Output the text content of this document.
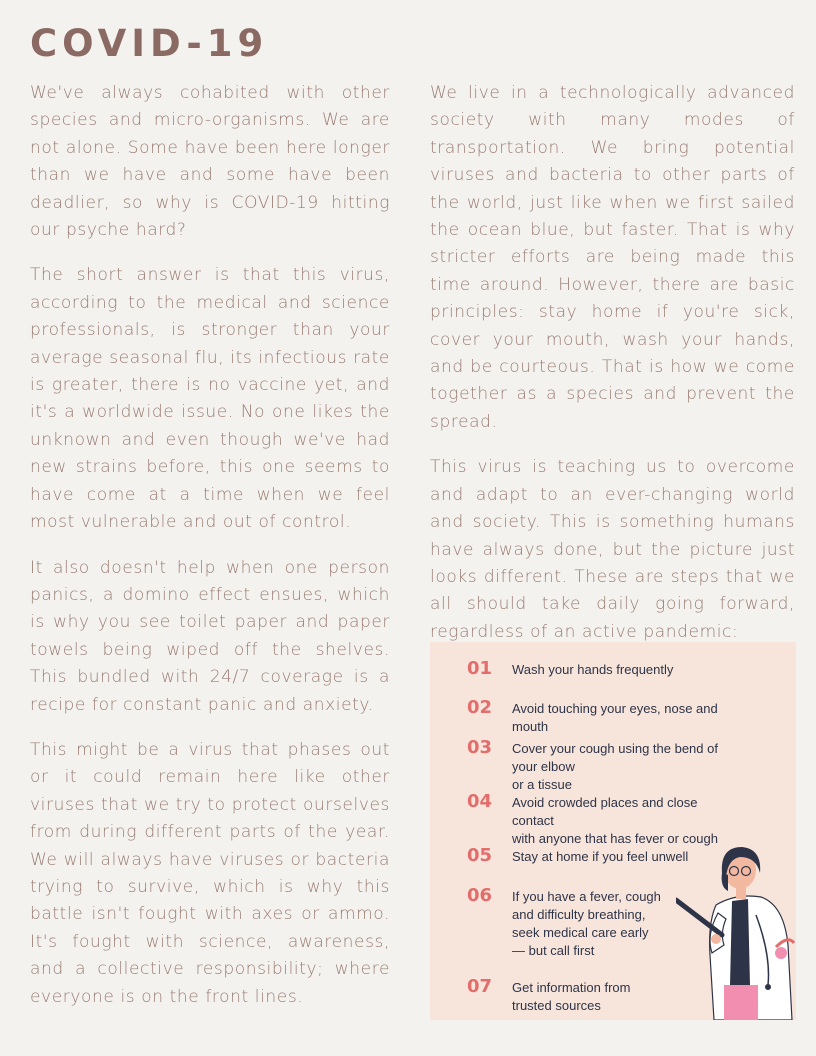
COVID-19

We've always cohabited with other species and micro-organisms. We are not alone. Some have been here longer than we have and some have been deadlier, so why is COVID-19 hitting our psyche hard?

The short answer is that this virus, according to the medical and science professionals, is stronger than your average seasonal flu, its infectious rate is greater, there is no vaccine yet, and it's a worldwide issue. No one likes the unknown and even though we've had new strains before, this one seems to have come at a time when we feel most vulnerable and out of control.

It also doesn't help when one person panics, a domino effect ensues, which is why you see toilet paper and paper towels being wiped off the shelves. This bundled with 24/7 coverage is a recipe for constant panic and anxiety.

This might be a virus that phases out or it could remain here like other viruses that we try to protect ourselves from during different parts of the year. We will always have viruses or bacteria trying to survive, which is why this battle isn't fought with axes or ammo. It's fought with science, awareness, and a collective responsibility; where everyone is on the front lines.

We live in a technologically advanced society with many modes of transportation. We bring potential viruses and bacteria to other parts of the world, just like when we first sailed the ocean blue, but faster. That is why stricter efforts are being made this time around. However, there are basic principles: stay home if you're sick, cover your mouth, wash your hands, and be courteous. That is how we come together as a species and prevent the spread.

This virus is teaching us to overcome and adapt to an ever-changing world and society. This is something humans have always done, but the picture just looks different. These are steps that we all should take daily going forward, regardless of an active pandemic:

01 Wash your hands frequently
02 Avoid touching your eyes, nose and mouth
03 Cover your cough using the bend of your elbow
or a tissue
04 Avoid crowded places and close contact
with anyone that has fever or cough
05 Stay at home if you feel unwell
06 If you have a fever, cough
and difficulty breathing,
seek medical care early
— but call first
07 Get information from
trusted sources
